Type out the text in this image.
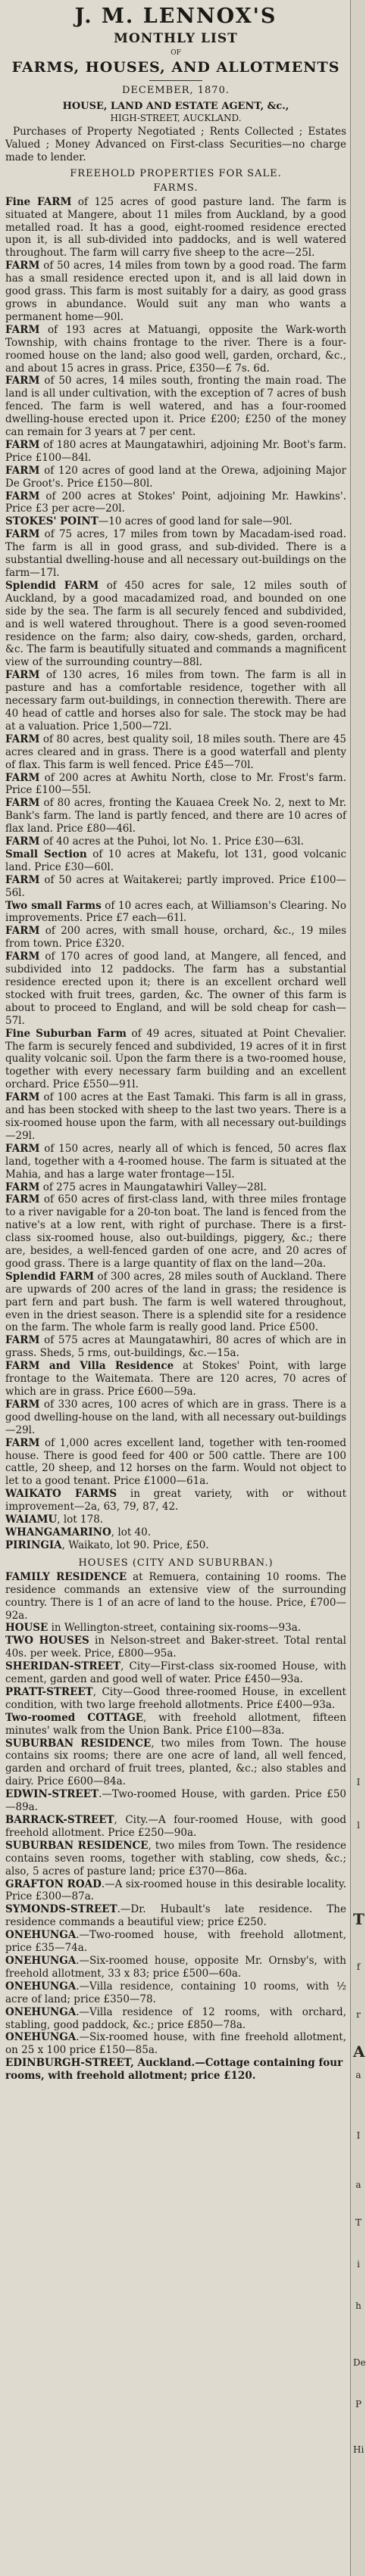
J. M. LENNOX'S

MONTHLY LIST

OF

FARMS, HOUSES, AND ALLOTMENTS

DECEMBER, 1870.

HOUSE, LAND AND ESTATE AGENT, &c.,

HIGH-STREET, AUCKLAND.

Purchases of Property Negotiated ; Rents Collected ; Estates Valued ; Money Advanced on First-class Securities—no charge made to lender.

FREEHOLD PROPERTIES FOR SALE.

FARMS.

Fine FARM of 125 acres of good pasture land. The farm is situated at Mangere, about 11 miles from Auckland, by a good metalled road. It has a good, eight-roomed residence erected upon it, is all sub-divided into paddocks, and is well watered throughout. The farm will carry five sheep to the acre—25l.

FARM of 50 acres, 14 miles from town by a good road. The farm has a small residence erected upon it, and is all laid down in good grass. This farm is most suitably for a dairy, as good grass grows in abundance. Would suit any man who wants a permanent home—90l.

FARM of 193 acres at Matuangi, opposite the Wark-worth Township, with chains frontage to the river. There is a four-roomed house on the land; also good well, garden, orchard, &c., and about 15 acres in grass. Price, £350—£ 7s. 6d.

FARM of 50 acres, 14 miles south, fronting the main road. The land is all under cultivation, with the exception of 7 acres of bush fenced. The farm is well watered, and has a four-roomed dwelling-house erected upon it. Price £200; £250 of the money can remain for 3 years at 7 per cent.

FARM of 180 acres at Maungatawhiri, adjoining Mr. Boot's farm. Price £100—84l.

FARM of 120 acres of good land at the Orewa, adjoining Major De Groot's. Price £150—80l.

FARM of 200 acres at Stokes' Point, adjoining Mr. Hawkins'. Price £3 per acre—20l.

STOKES' POINT—10 acres of good land for sale—90l.

FARM of 75 acres, 17 miles from town by Macadam-ised road. The farm is all in good grass, and sub-divided. There is a substantial dwelling-house and all necessary out-buildings on the farm—17l.

Splendid FARM of 450 acres for sale, 12 miles south of Auckland, by a good macadamized road, and bounded on one side by the sea. The farm is all securely fenced and subdivided, and is well watered throughout. There is a good seven-roomed residence on the farm; also dairy, cow-sheds, garden, orchard, &c. The farm is beautifully situated and commands a magnificent view of the surrounding country—88l.

FARM of 130 acres, 16 miles from town. The farm is all in pasture and has a comfortable residence, together with all necessary farm out-buildings, in connection therewith. There are 40 head of cattle and horses also for sale. The stock may be had at a valuation. Price 1,500—72l.

FARM of 80 acres, best quality soil, 18 miles south. There are 45 acres cleared and in grass. There is a good waterfall and plenty of flax. This farm is well fenced. Price £45—70l.

FARM of 200 acres at Awhitu North, close to Mr. Frost's farm. Price £100—55l.

FARM of 80 acres, fronting the Kauaea Creek No. 2, next to Mr. Bank's farm. The land is partly fenced, and there are 10 acres of flax land. Price £80—46l.

FARM of 40 acres at the Puhoi, lot No. 1. Price £30—63l.

Small Section of 10 acres at Makefu, lot 131, good volcanic land. Price £30—60l.

FARM of 50 acres at Waitakerei; partly improved. Price £100—56l.

Two small Farms of 10 acres each, at Williamson's Clearing. No improvements. Price £7 each—61l.

FARM of 200 acres, with small house, orchard, &c., 19 miles from town. Price £320.

FARM of 170 acres of good land, at Mangere, all fenced, and subdivided into 12 paddocks. The farm has a substantial residence erected upon it; there is an excellent orchard well stocked with fruit trees, garden, &c. The owner of this farm is about to proceed to England, and will be sold cheap for cash—57l.

Fine Suburban Farm of 49 acres, situated at Point Chevalier. The farm is securely fenced and subdivided, 19 acres of it in first quality volcanic soil. Upon the farm there is a two-roomed house, together with every necessary farm building and an excellent orchard. Price £550—91l.

FARM of 100 acres at the East Tamaki. This farm is all in grass, and has been stocked with sheep to the last two years. There is a six-roomed house upon the farm, with all necessary out-buildings—29l.

FARM of 150 acres, nearly all of which is fenced, 50 acres flax land, together with a 4-roomed house. The farm is situated at the Mahia, and has a large water frontage—15l.

FARM of 275 acres in Maungatawhiri Valley—28l.

FARM of 650 acres of first-class land, with three miles frontage to a river navigable for a 20-ton boat. The land is fenced from the native's at a low rent, with right of purchase. There is a first-class six-roomed house, also out-buildings, piggery, &c.; there are, besides, a well-fenced garden of one acre, and 20 acres of good grass. There is a large quantity of flax on the land—20a.

Splendid FARM of 300 acres, 28 miles south of Auckland. There are upwards of 200 acres of the land in grass; the residence is part fern and part bush. The farm is well watered throughout, even in the driest season. There is a splendid site for a residence on the farm. The whole farm is really good land. Price £500.

FARM of 575 acres at Maungatawhiri, 80 acres of which are in grass. Sheds, 5 rms, out-buildings, &c.—15a.

FARM and Villa Residence at Stokes' Point, with large frontage to the Waitemata. There are 120 acres, 70 acres of which are in grass. Price £600—59a.

FARM of 330 acres, 100 acres of which are in grass. There is a good dwelling-house on the land, with all necessary out-buildings—29l.

FARM of 1,000 acres excellent land, together with ten-roomed house. There is good feed for 400 or 500 cattle. There are 100 cattle, 20 sheep, and 12 horses on the farm. Would not object to let to a good tenant. Price £1000—61a.

WAIKATO FARMS in great variety, with or without improvement—2a, 63, 79, 87, 42.

WAIAMU, lot 178.

WHANGAMARINO, lot 40.

PIRINGIA, Waikato, lot 90. Price, £50.

HOUSES (CITY AND SUBURBAN.)

FAMILY RESIDENCE at Remuera, containing 10 rooms. The residence commands an extensive view of the surrounding country. There is 1 of an acre of land to the house. Price, £700—92a.

HOUSE in Wellington-street, containing six-rooms—93a.

TWO HOUSES in Nelson-street and Baker-street. Total rental 40s. per week. Price, £800—95a.

SHERIDAN-STREET, City—First-class six-roomed House, with cement, garden and good well of water. Price £450—93a.

PRATT-STREET, City—Good three-roomed House, in excellent condition, with two large freehold allotments. Price £400—93a.

Two-roomed COTTAGE, with freehold allotment, fifteen minutes' walk from the Union Bank. Price £100—83a.

SUBURBAN RESIDENCE, two miles from Town. The house contains six rooms; there are one acre of land, all well fenced, garden and orchard of fruit trees, planted, &c.; also stables and dairy. Price £600—84a.

EDWIN-STREET.—Two-roomed House, with garden. Price £50—89a.

BARRACK-STREET, City.—A four-roomed House, with good freehold allotment. Price £250—90a.

SUBURBAN RESIDENCE, two miles from Town. The residence contains seven rooms, together with stabling, cow sheds, &c.; also, 5 acres of pasture land; price £370—86a.

GRAFTON ROAD.—A six-roomed house in this desirable locality. Price £300—87a.

SYMONDS-STREET.—Dr. Hubault's late residence. The residence commands a beautiful view; price £250.

ONEHUNGA.—Two-roomed house, with freehold allotment, price £35—74a.

ONEHUNGA.—Six-roomed house, opposite Mr. Ornsby's, with freehold allotment, 33 x 83; price £500—60a.

ONEHUNGA.—Villa residence, containing 10 rooms, with ½ acre of land; price £350—78.

ONEHUNGA.—Villa residence of 12 rooms, with orchard, stabling, good paddock, &c.; price £850—78a.

ONEHUNGA.—Six-roomed house, with fine freehold allotment, on 25 x 100 price £150—85a.

EDINBURGH-STREET, Auckland.—Cottage containing four rooms, with freehold allotment; price £120.

I
l
T
f
r
A
a
I
a
T
i
h
De
P
Hi
